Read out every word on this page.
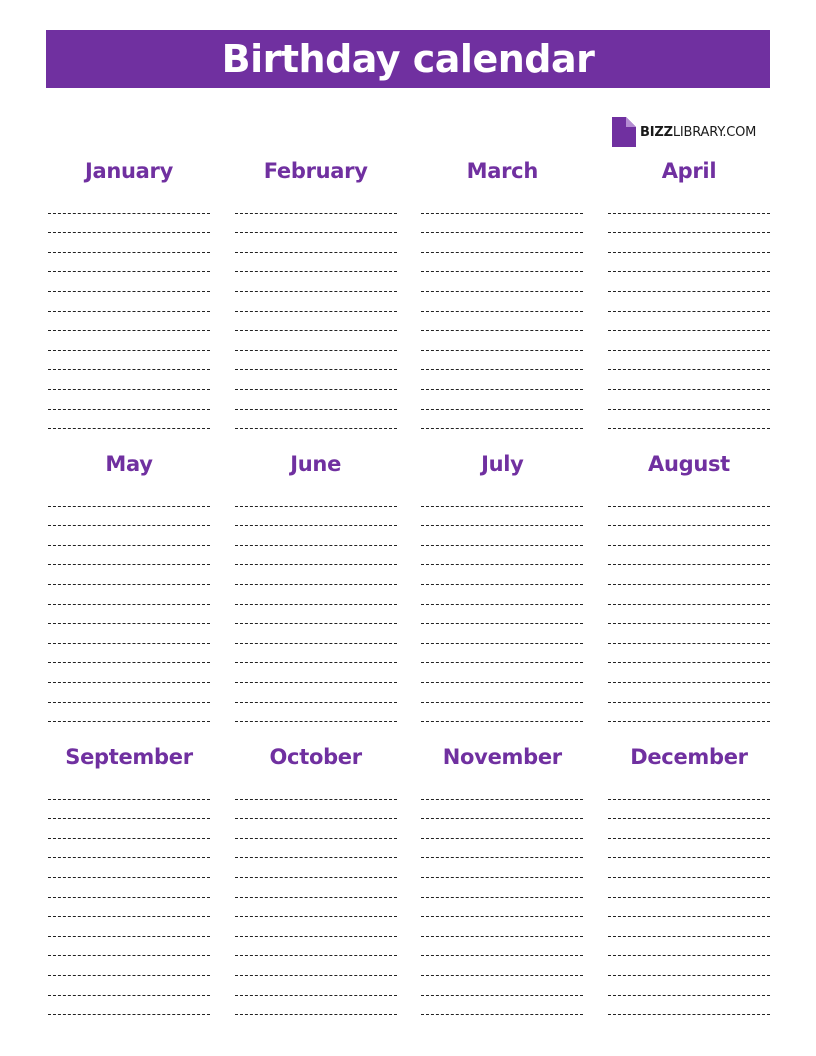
Birthday calendar
BIZZLIBRARY.COM
January	February	March	April
May	June	July	August
September	October	November	December
